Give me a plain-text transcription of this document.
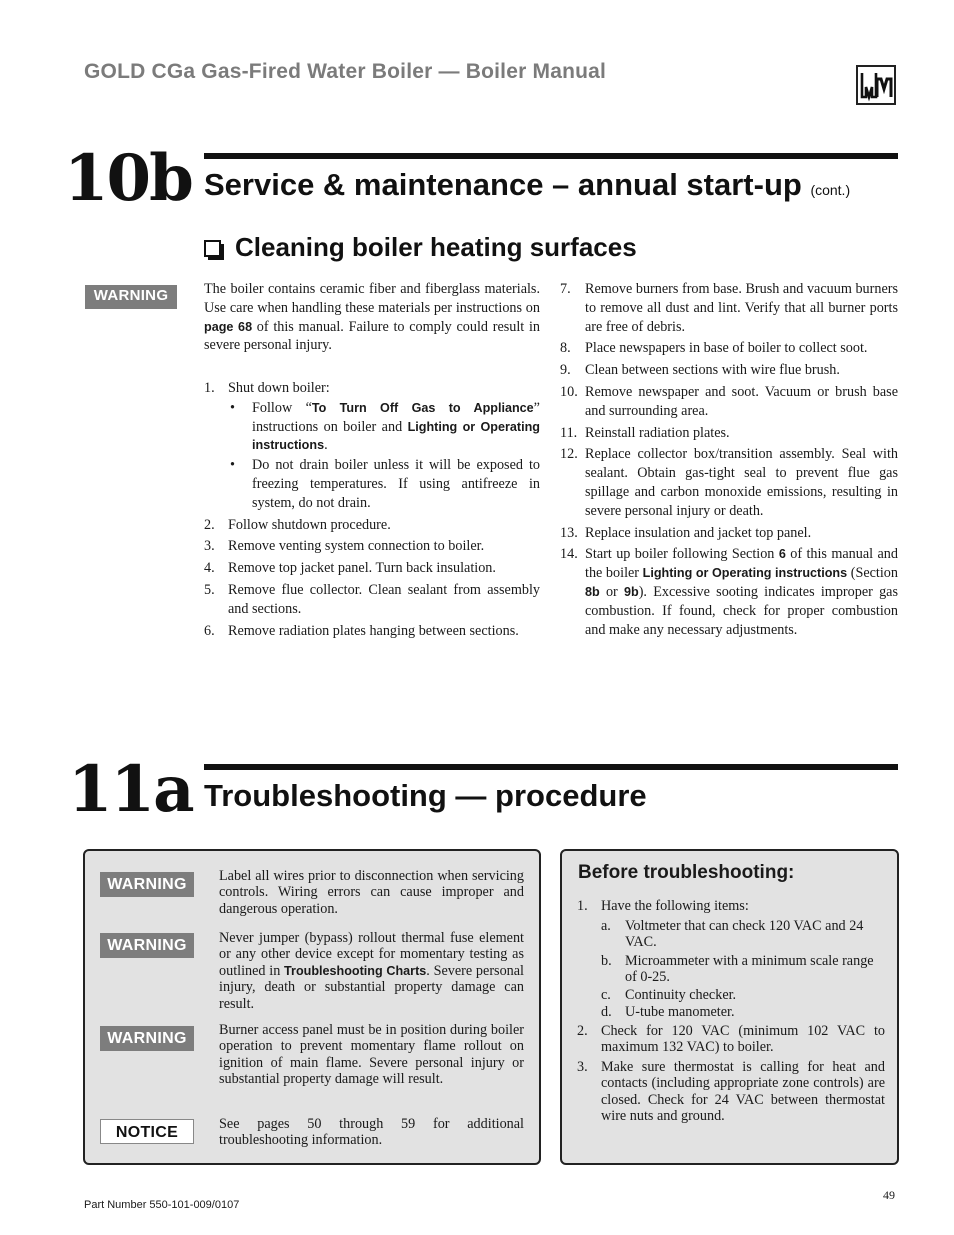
GOLD CGa Gas-Fired Water Boiler — Boiler Manual
10b Service & maintenance – annual start-up (cont.)
Cleaning boiler heating surfaces
WARNING	The boiler contains ceramic fiber and fiberglass materials. Use care when handling these materials per instructions on page 68 of this manual. Failure to comply could result in severe personal injury.
1. Shut down boiler:
• Follow “To Turn Off Gas to Appliance” instructions on boiler and Lighting or Operating instructions.
• Do not drain boiler unless it will be exposed to freezing temperatures. If using antifreeze in system, do not drain.
2. Follow shutdown procedure.
3. Remove venting system connection to boiler.
4. Remove top jacket panel. Turn back insulation.
5. Remove flue collector. Clean sealant from assembly and sections.
6. Remove radiation plates hanging between sections.
7. Remove burners from base. Brush and vacuum burners to remove all dust and lint. Verify that all burner ports are free of debris.
8. Place newspapers in base of boiler to collect soot.
9. Clean between sections with wire flue brush.
10. Remove newspaper and soot. Vacuum or brush base and surrounding area.
11. Reinstall radiation plates.
12. Replace collector box/transition assembly. Seal with sealant. Obtain gas-tight seal to prevent flue gas spillage and carbon monoxide emissions, resulting in severe personal injury or death.
13. Replace insulation and jacket top panel.
14. Start up boiler following Section 6 of this manual and the boiler Lighting or Operating instructions (Section 8b or 9b). Excessive sooting indicates improper gas combustion. If found, check for proper combustion and make any necessary adjustments.
11a Troubleshooting — procedure
WARNING	Label all wires prior to disconnection when servicing controls. Wiring errors can cause improper and dangerous operation.
WARNING	Never jumper (bypass) rollout thermal fuse element or any other device except for momentary testing as outlined in Troubleshooting Charts. Severe personal injury, death or substantial property damage can result.
WARNING	Burner access panel must be in position during boiler operation to prevent momentary flame rollout on ignition of main flame. Severe personal injury or substantial property damage will result.
NOTICE	See pages 50 through 59 for additional troubleshooting information.
Before troubleshooting:
1. Have the following items:
a. Voltmeter that can check 120 VAC and 24 VAC.
b. Microammeter with a minimum scale range of 0-25.
c. Continuity checker.
d. U-tube manometer.
2. Check for 120 VAC (minimum 102 VAC to maximum 132 VAC) to boiler.
3. Make sure thermostat is calling for heat and contacts (including appropriate zone controls) are closed. Check for 24 VAC between thermostat wire nuts and ground.
Part Number 550-101-009/0107
49
